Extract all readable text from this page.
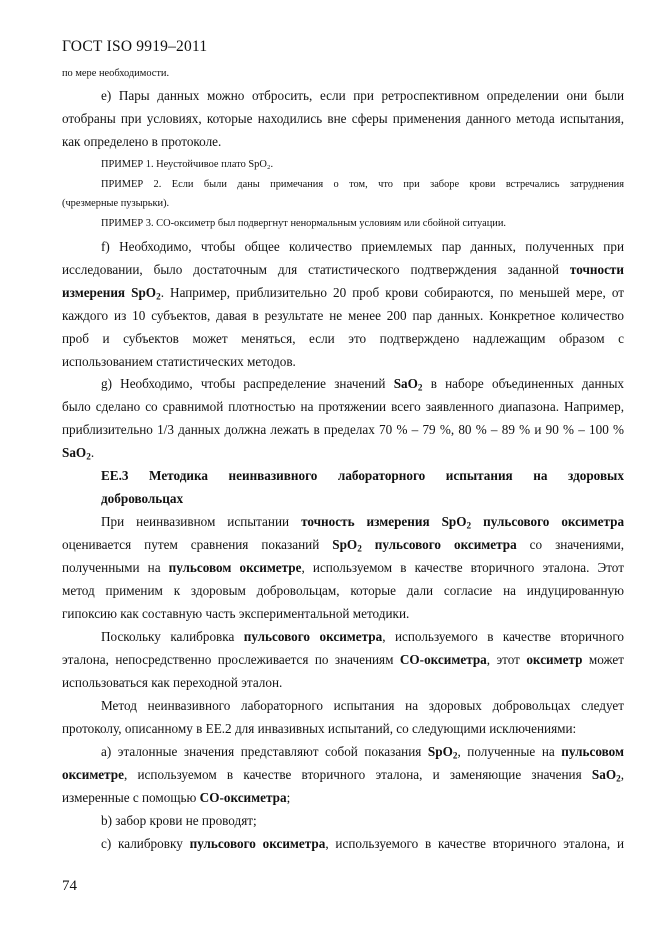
ГОСТ ISO 9919–2011
по мере необходимости.
e) Пары данных можно отбросить, если при ретроспективном определении они были
отобраны при условиях, которые находились вне сферы применения данного метода испытания,
как определено в протоколе.
ПРИМЕР 1. Неустойчивое плато SpO₂.
ПРИМЕР 2. Если были даны примечания о том, что при заборе крови встречались затруднения
(чрезмерные пузырьки).
ПРИМЕР 3. CO-оксиметр был подвергнут ненормальным условиям или сбойной ситуации.
f) Необходимо, чтобы общее количество приемлемых пар данных, полученных при
исследовании, было достаточным для статистического подтверждения заданной точности
измерения SpO$_2$. Например, приблизительно 20 проб крови собираются, по меньшей мере, от
каждого из 10 субъектов, давая в результате не менее 200 пар данных. Конкретное количество
проб и субъектов может меняться, если это подтверждено надлежащим образом с
использованием статистических методов.
g) Необходимо, чтобы распределение значений SaO$_2$ в наборе объединенных данных
было сделано со сравнимой плотностью на протяжении всего заявленного диапазона. Например,
приблизительно 1/3 данных должна лежать в пределах 70 % – 79 %, 80 % – 89 % и 90 % – 100 %
SaO$_2$.
EE.3 Методика неинвазивного лабораторного испытания на здоровых
добровольцах
При неинвазивном испытании точность измерения SpO$_2$ пульсового оксиметра
оценивается путем сравнения показаний SpO$_2$ пульсового оксиметра со значениями,
полученными на пульсовом оксиметре, используемом в качестве вторичного эталона. Этот
метод применим к здоровым добровольцам, которые дали согласие на индуцированную
гипоксию как составную часть экспериментальной методики.
Поскольку калибровка пульсового оксиметра, используемого в качестве вторичного
эталона, непосредственно прослеживается по значениям CO-оксиметра, этот оксиметр может
использоваться как переходной эталон.
Метод неинвазивного лабораторного испытания на здоровых добровольцах следует
протоколу, описанному в EE.2 для инвазивных испытаний, со следующими исключениями:
a) эталонные значения представляют собой показания SpO$_2$, полученные на пульсовом
оксиметре, используемом в качестве вторичного эталона, и заменяющие значения SaO$_2$,
измеренные с помощью CO-оксиметра;
b) забор крови не проводят;
c) калибровку пульсового оксиметра, используемого в качестве вторичного эталона, и
74
